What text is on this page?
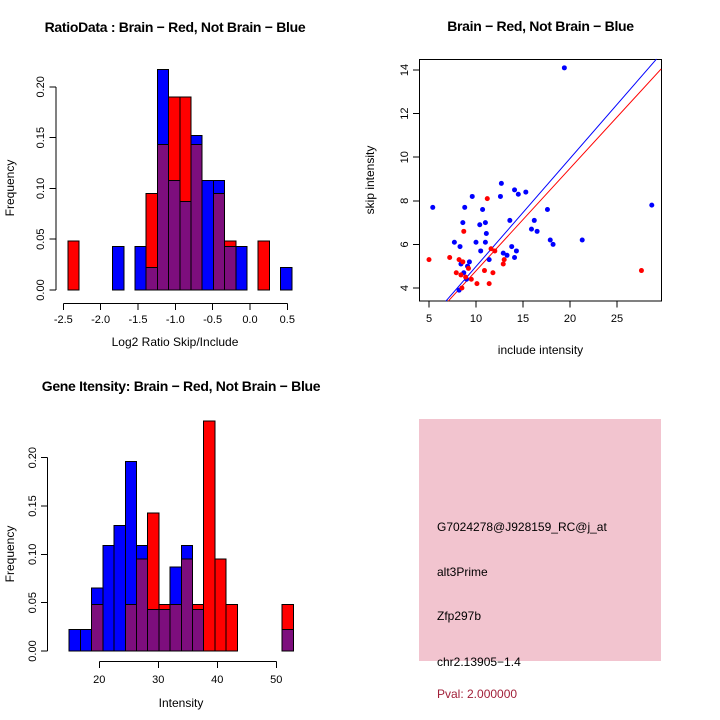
RatioData : Brain − Red, Not Brain − Blue
Log2 Ratio Skip/Include
Frequency
0.00
0.05
0.10
0.15
0.20
-2.5 -2.0 -1.5 -1.0 -0.5 0.0 0.5
Brain − Red, Not Brain − Blue
include intensity
skip intensity
5	10	15	20	25
4
6
8
10
12
14
Gene Itensity: Brain − Red, Not Brain − Blue
Intensity
Frequency
0.00
0.05
0.10
0.15
0.20
20	30	40	50
G7024278@J928159_RC@j_at
alt3Prime
Zfp297b
chr2.13905−1.4
Pval: 2.000000
